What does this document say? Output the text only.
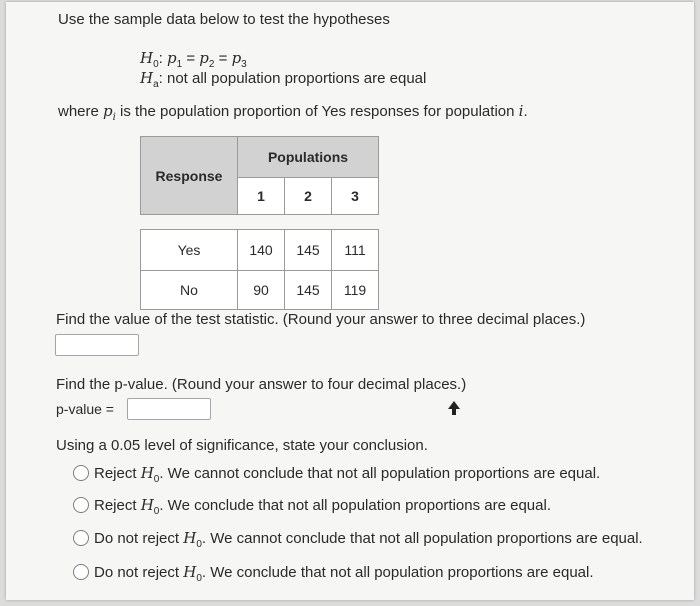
Use the sample data below to test the hypotheses
$H_0$: $p_1 = p_2 = p_3$
$H_a$: not all population proportions are equal
where $p_i$ is the population proportion of Yes responses for population i.
Response	Populations		
	1	2	3

Yes	140	145	111
No	90	145	119
Find the value of the test statistic. (Round your answer to three decimal places.)
Find the p-value. (Round your answer to four decimal places.)
p-value =
Using a 0.05 level of significance, state your conclusion.
Reject $H_0$. We cannot conclude that not all population proportions are equal.
Reject $H_0$. We conclude that not all population proportions are equal.
Do not reject $H_0$. We cannot conclude that not all population proportions are equal.
Do not reject $H_0$. We conclude that not all population proportions are equal.
